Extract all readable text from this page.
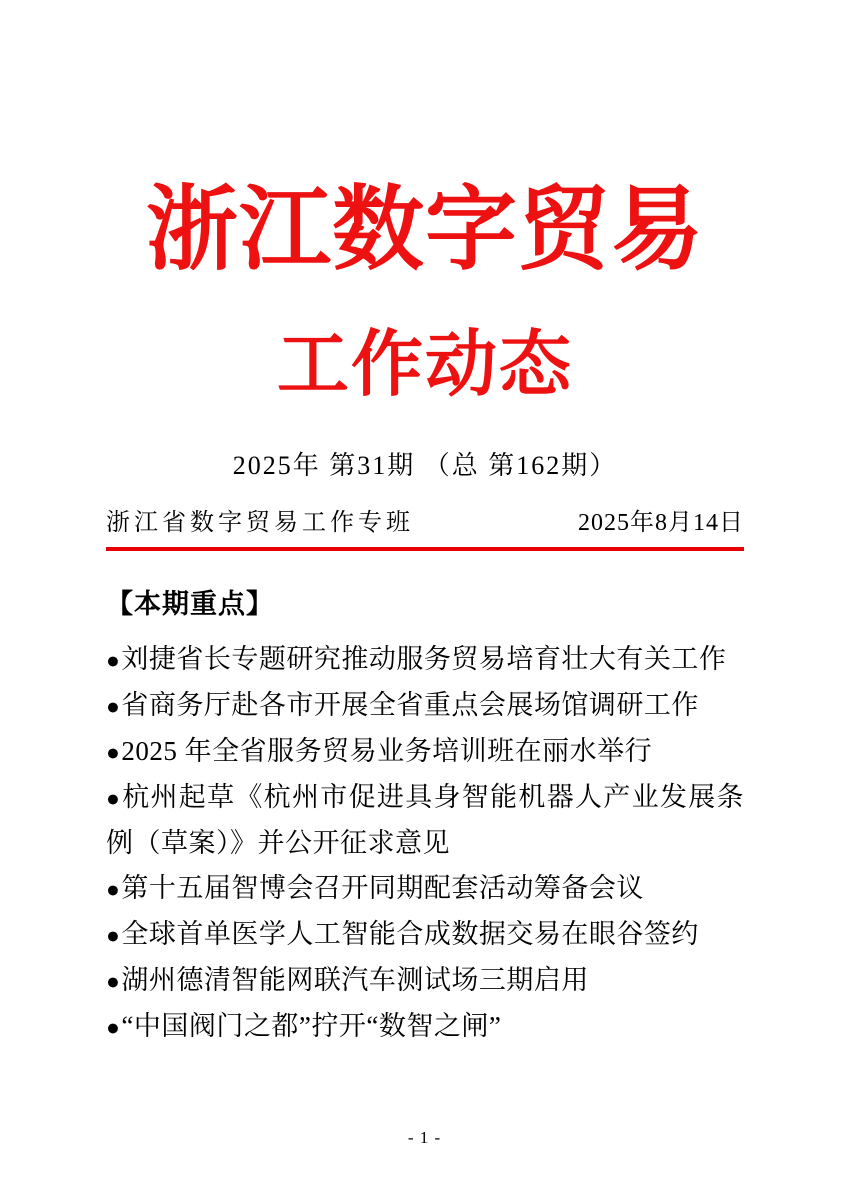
浙江数字贸易
工作动态
2025年 第31期 （总 第162期）
浙江省数字贸易工作专班	2025年8月14日
【本期重点】
●刘捷省长专题研究推动服务贸易培育壮大有关工作
●省商务厅赴各市开展全省重点会展场馆调研工作
●2025 年全省服务贸易业务培训班在丽水举行
●杭州起草《杭州市促进具身智能机器人产业发展条例（草案）》并公开征求意见
●第十五届智博会召开同期配套活动筹备会议
●全球首单医学人工智能合成数据交易在眼谷签约
●湖州德清智能网联汽车测试场三期启用
●“中国阀门之都”拧开“数智之闸”
- 1 -
